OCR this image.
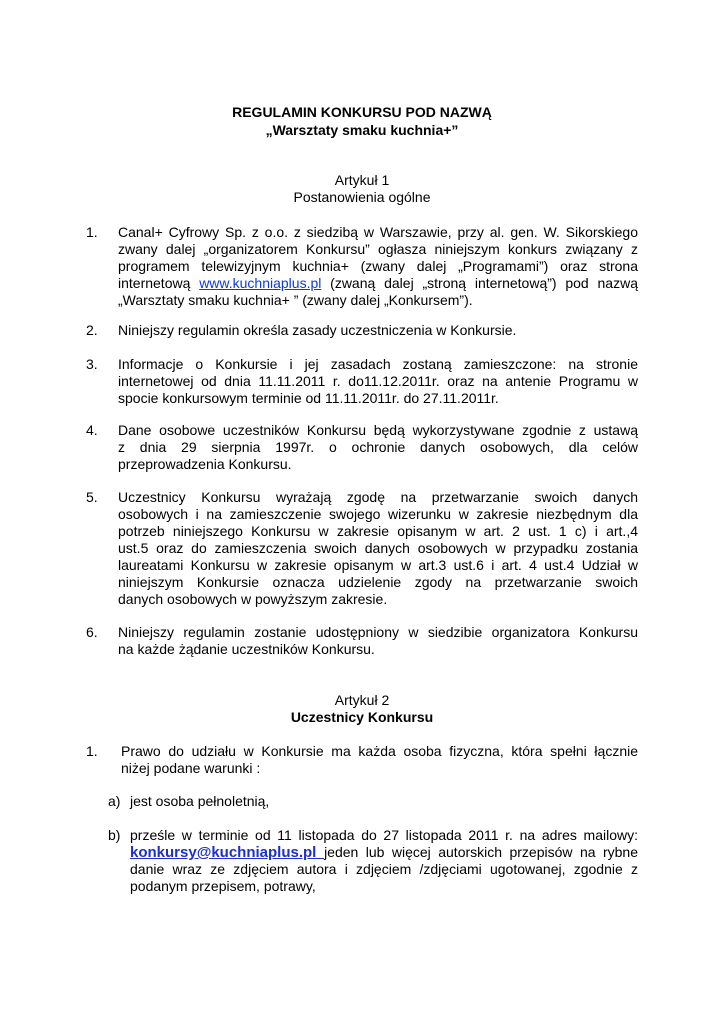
REGULAMIN KONKURSU POD NAZWĄ
„Warsztaty smaku kuchnia+”
Artykuł 1
Postanowienia ogólne
1. Canal+ Cyfrowy Sp. z o.o. z siedzibą w Warszawie, przy al. gen. W. Sikorskiego
zwany dalej „organizatorem Konkursu” ogłasza niniejszym konkurs związany z
programem telewizyjnym kuchnia+ (zwany dalej „Programami”) oraz strona
internetową www.kuchniaplus.pl (zwaną dalej „stroną internetową”) pod nazwą
„Warsztaty smaku kuchnia+ ” (zwany dalej „Konkursem”).
2. Niniejszy regulamin określa zasady uczestniczenia w Konkursie.
3. Informacje o Konkursie i jej zasadach zostaną zamieszczone: na stronie
internetowej od dnia 11.11.2011 r. do11.12.2011r. oraz na antenie Programu w
spocie konkursowym terminie od 11.11.2011r. do 27.11.2011r.
4. Dane osobowe uczestników Konkursu będą wykorzystywane zgodnie z ustawą
z dnia 29 sierpnia 1997r. o ochronie danych osobowych, dla celów
przeprowadzenia Konkursu.
5. Uczestnicy Konkursu wyrażają zgodę na przetwarzanie swoich danych
osobowych i na zamieszczenie swojego wizerunku w zakresie niezbędnym dla
potrzeb niniejszego Konkursu w zakresie opisanym w art. 2 ust. 1 c) i art.,4
ust.5 oraz do zamieszczenia swoich danych osobowych w przypadku zostania
laureatami Konkursu w zakresie opisanym w art.3 ust.6 i art. 4 ust.4 Udział w
niniejszym Konkursie oznacza udzielenie zgody na przetwarzanie swoich
danych osobowych w powyższym zakresie.
6. Niniejszy regulamin zostanie udostępniony w siedzibie organizatora Konkursu
na każde żądanie uczestników Konkursu.
Artykuł 2
Uczestnicy Konkursu
1. Prawo do udziału w Konkursie ma każda osoba fizyczna, która spełni łącznie
niżej podane warunki :
a) jest osoba pełnoletnią,
b) prześle w terminie od 11 listopada do 27 listopada 2011 r. na adres mailowy:
konkursy@kuchniaplus.pl jeden lub więcej autorskich przepisów na rybne
danie wraz ze zdjęciem autora i zdjęciem /zdjęciami ugotowanej, zgodnie z
podanym przepisem, potrawy,
